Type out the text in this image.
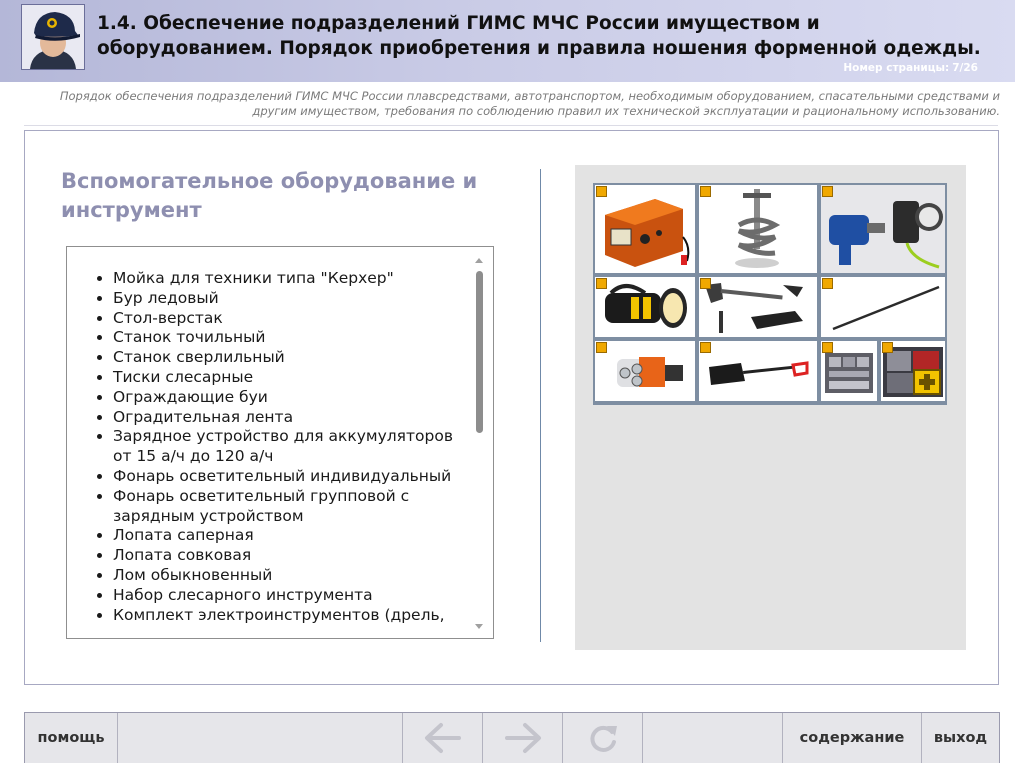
1.4. Обеспечение подразделений ГИМС МЧС России имуществом и оборудованием. Порядок приобретения и правила ношения форменной одежды.
Номер страницы: 7/26
Порядок обеспечения подразделений ГИМС МЧС России плавсредствами, автотранспортом, необходимым оборудованием, спасательными средствами и другим имуществом, требования по соблюдению правил их технической эксплуатации и рациональному использованию.
Вспомогательное оборудование и инструмент
• Мойка для техники типа "Керхер"
• Бур ледовый
• Стол-верстак
• Станок точильный
• Станок сверлильный
• Тиски слесарные
• Ограждающие буи
• Оградительная лента
• Зарядное устройство для аккумуляторов от 15 а/ч до 120 а/ч
• Фонарь осветительный индивидуальный
• Фонарь осветительный групповой с зарядным устройством
• Лопата саперная
• Лопата совковая
• Лом обыкновенный
• Набор слесарного инструмента
• Комплект электроинструментов (дрель,
помощь	содержание	выход
